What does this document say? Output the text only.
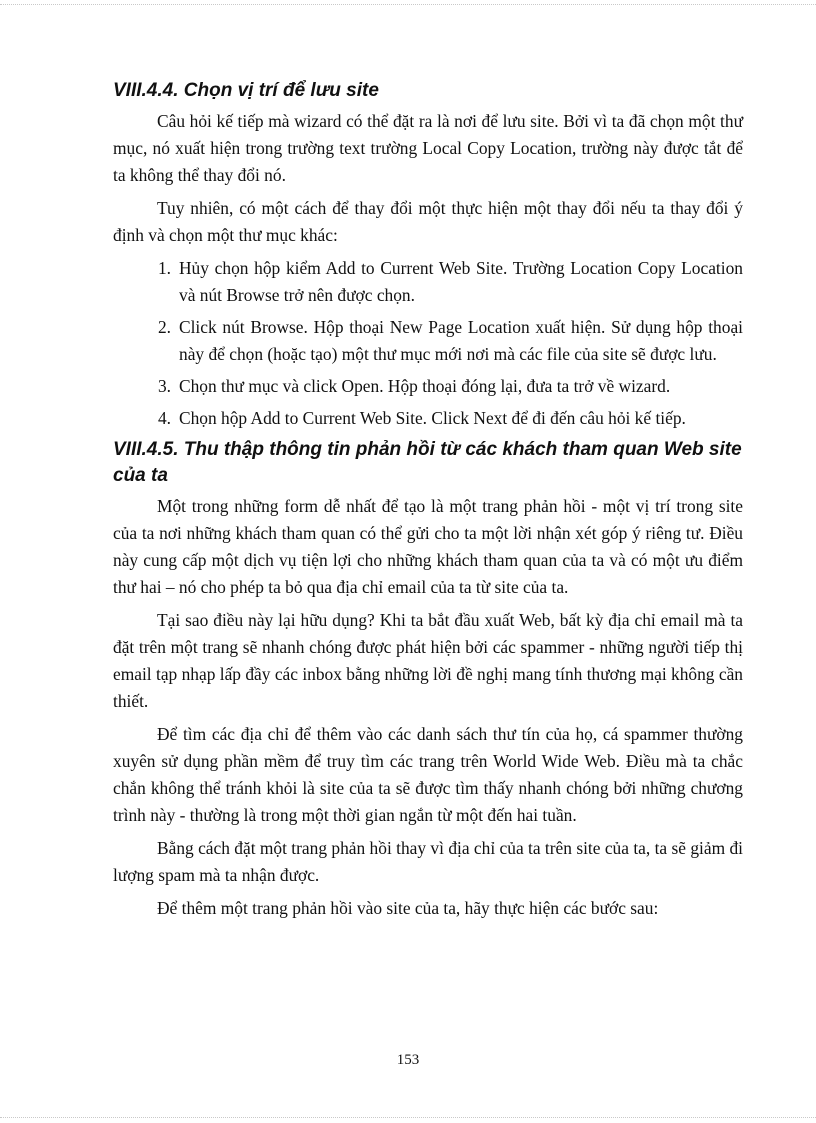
VIII.4.4. Chọn vị trí để lưu site

Câu hỏi kế tiếp mà wizard có thể đặt ra là nơi để lưu site. Bởi vì ta đã chọn một thư mục, nó xuất hiện trong trường text trường Local Copy Location, trường này được tắt để ta không thể thay đổi nó.

Tuy nhiên, có một cách để thay đổi một thực hiện một thay đổi nếu ta thay đổi ý định và chọn một thư mục khác:

1. Hủy chọn hộp kiểm Add to Current Web Site. Trường Location Copy Location và nút Browse trở nên được chọn.
2. Click nút Browse. Hộp thoại New Page Location xuất hiện. Sử dụng hộp thoại này để chọn (hoặc tạo) một thư mục mới nơi mà các file của site sẽ được lưu.
3. Chọn thư mục và click Open. Hộp thoại đóng lại, đưa ta trở về wizard.
4. Chọn hộp Add to Current Web Site. Click Next để đi đến câu hỏi kế tiếp.
VIII.4.5. Thu thập thông tin phản hồi từ các khách tham quan Web site của ta

Một trong những form dễ nhất để tạo là một trang phản hồi - một vị trí trong site của ta nơi những khách tham quan có thể gửi cho ta một lời nhận xét góp ý riêng tư. Điều này cung cấp một dịch vụ tiện lợi cho những khách tham quan của ta và có một ưu điểm thư hai – nó cho phép ta bỏ qua địa chỉ email của ta từ site của ta.

Tại sao điều này lại hữu dụng? Khi ta bắt đầu xuất Web, bất kỳ địa chỉ email mà ta đặt trên một trang sẽ nhanh chóng được phát hiện bởi các spammer - những người tiếp thị email tạp nhạp lấp đầy các inbox bằng những lời đề nghị mang tính thương mại không cần thiết.

Để tìm các địa chỉ để thêm vào các danh sách thư tín của họ, cá spammer thường xuyên sử dụng phần mềm để truy tìm các trang trên World Wide Web. Điều mà ta chắc chắn không thể tránh khỏi là site của ta sẽ được tìm thấy nhanh chóng bởi những chương trình này - thường là trong một thời gian ngắn từ một đến hai tuần.

Bằng cách đặt một trang phản hồi thay vì địa chỉ của ta trên site của ta, ta sẽ giảm đi lượng spam mà ta nhận được.

Để thêm một trang phản hồi vào site của ta, hãy thực hiện các bước sau:

153
